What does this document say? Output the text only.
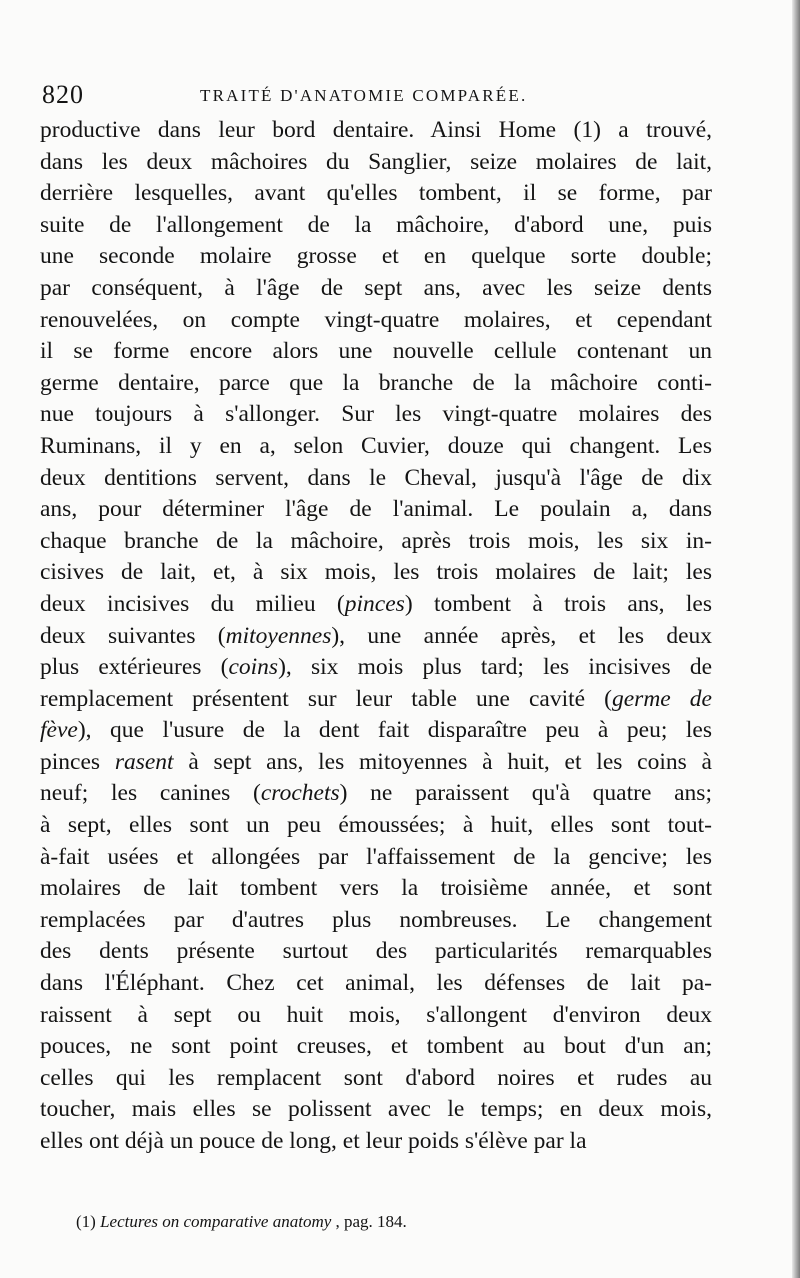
820	TRAITÉ D'ANATOMIE COMPARÉE.
productive dans leur bord dentaire. Ainsi Home (1) a trouvé,
dans les deux mâchoires du Sanglier, seize molaires de lait,
derrière lesquelles, avant qu'elles tombent, il se forme, par
suite de l'allongement de la mâchoire, d'abord une, puis
une seconde molaire grosse et en quelque sorte double;
par conséquent, à l'âge de sept ans, avec les seize dents
renouvelées, on compte vingt-quatre molaires, et cependant
il se forme encore alors une nouvelle cellule contenant un
germe dentaire, parce que la branche de la mâchoire conti-
nue toujours à s'allonger. Sur les vingt-quatre molaires des
Ruminans, il y en a, selon Cuvier, douze qui changent. Les
deux dentitions servent, dans le Cheval, jusqu'à l'âge de dix
ans, pour déterminer l'âge de l'animal. Le poulain a, dans
chaque branche de la mâchoire, après trois mois, les six in-
cisives de lait, et, à six mois, les trois molaires de lait; les
deux incisives du milieu (pinces) tombent à trois ans, les
deux suivantes (mitoyennes), une année après, et les deux
plus extérieures (coins), six mois plus tard; les incisives de
remplacement présentent sur leur table une cavité (germe de
fève), que l'usure de la dent fait disparaître peu à peu; les
pinces rasent à sept ans, les mitoyennes à huit, et les coins à
neuf; les canines (crochets) ne paraissent qu'à quatre ans;
à sept, elles sont un peu émoussées; à huit, elles sont tout-
à-fait usées et allongées par l'affaissement de la gencive; les
molaires de lait tombent vers la troisième année, et sont
remplacées par d'autres plus nombreuses. Le changement
des dents présente surtout des particularités remarquables
dans l'Éléphant. Chez cet animal, les défenses de lait pa-
raissent à sept ou huit mois, s'allongent d'environ deux
pouces, ne sont point creuses, et tombent au bout d'un an;
celles qui les remplacent sont d'abord noires et rudes au
toucher, mais elles se polissent avec le temps; en deux mois,
elles ont déjà un pouce de long, et leur poids s'élève par la
(1) Lectures on comparative anatomy , pag. 184.
